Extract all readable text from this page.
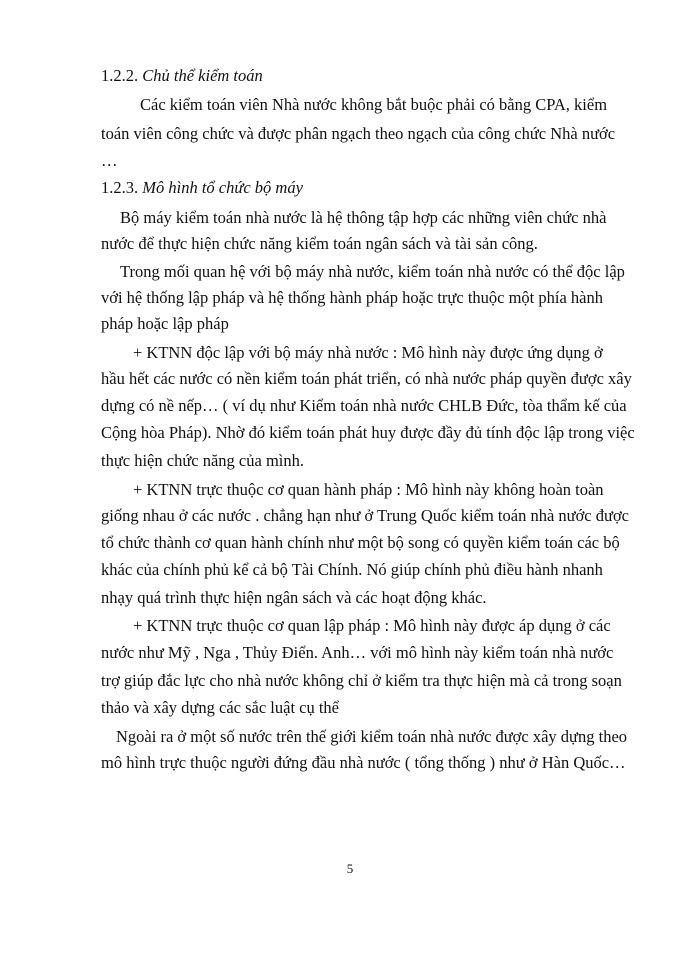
1.2.2. Chủ thể kiểm toán
Các kiểm toán viên Nhà nước không bắt buộc phải có bằng CPA, kiểm
toán viên công chức và được phân ngạch theo ngạch của công chức Nhà nước
…
1.2.3. Mô hình tổ chức bộ máy
Bộ máy kiểm toán nhà nước là hệ thông tập hợp các những viên chức nhà
nước để thực hiện chức năng kiểm toán ngân sách và tài sản công.
Trong mối quan hệ với bộ máy nhà nước, kiểm toán nhà nước có thể độc lập
với hệ thống lập pháp và hệ thống hành pháp hoặc trực thuộc một phía hành
pháp hoặc lập pháp
+ KTNN độc lập với bộ máy nhà nước : Mô hình này được ứng dụng ở
hầu hết các nước có nền kiểm toán phát triển, có nhà nước pháp quyền được xây
dựng có nề nếp… ( ví dụ như Kiểm toán nhà nước CHLB Đức, tòa thẩm kế của
Cộng hòa Pháp). Nhờ đó kiểm toán phát huy được đầy đủ tính độc lập trong việc
thực hiện chức năng của mình.
+ KTNN trực thuộc cơ quan hành pháp : Mô hình này không hoàn toàn
giống nhau ở các nước . chẳng hạn như ở Trung Quốc kiểm toán nhà nước được
tổ chức thành cơ quan hành chính như một bộ song có quyền kiểm toán các bộ
khác của chính phủ kể cả bộ Tài Chính. Nó giúp chính phủ điều hành nhanh
nhạy quá trình thực hiện ngân sách và các hoạt động khác.
+ KTNN trực thuộc cơ quan lập pháp : Mô hình này được áp dụng ở các
nước như Mỹ , Nga , Thủy Điển. Anh… với mô hình này kiểm toán nhà nước
trợ giúp đắc lực cho nhà nước không chỉ ở kiểm tra thực hiện mà cả trong soạn
thảo và xây dựng các sắc luật cụ thể
Ngoài ra ở một số nước trên thế giới kiểm toán nhà nước được xây dựng theo
mô hình trực thuộc người đứng đầu nhà nước ( tổng thống ) như ở Hàn Quốc…
5
